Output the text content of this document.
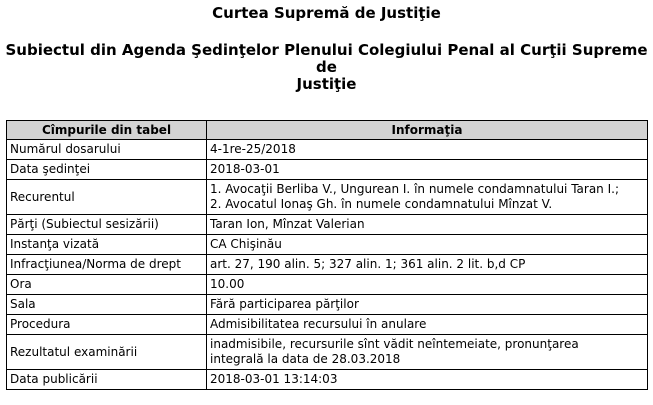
Curtea Supremă de Justiţie
Subiectul din Agenda Şedinţelor Plenului Colegiului Penal al Curţii Supreme de
Justiţie
Cîmpurile din tabel	Informaţia
Numărul dosarului	4-1re-25/2018
Data şedinţei	2018-03-01
Recurentul	1. Avocaţii Berliba V., Ungurean I. în numele condamnatului Taran I.;
2. Avocatul Ionaş Gh. în numele condamnatului Mînzat V.

Părţi (Subiectul sesizării)	Taran Ion, Mînzat Valerian
Instanţa vizată	CA Chişinău
Infracţiunea/Norma de drept	art. 27, 190 alin. 5; 327 alin. 1; 361 alin. 2 lit. b,d CP
Ora	10.00
Sala	Fără participarea părţilor
Procedura	Admisibilitatea recursului în anulare
Rezultatul examinării	inadmisibile, recursurile sînt vădit neîntemeiate, pronunţarea
integrală la data de 28.03.2018

Data publicării	2018-03-01 13:14:03
